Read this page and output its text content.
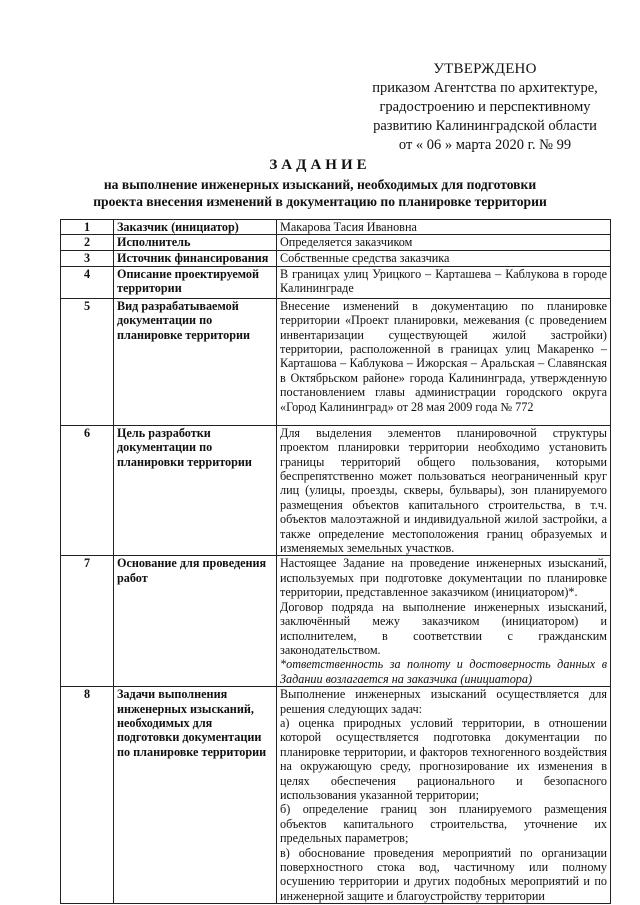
УТВЕРЖДЕНО
приказом Агентства по архитектуре,
градостроению и перспективному
развитию Калининградской области
от « 06 » марта 2020 г. № 99
ЗАДАНИЕ
на выполнение инженерных изысканий, необходимых для подготовки
проекта внесения изменений в документацию по планировке территории
1	Заказчик (инициатор)	Макарова Тасия Ивановна

2	Исполнитель	Определяется заказчиком

3	Источник финансирования	Собственные средства заказчика

4	Описание проектируемой территории	В границах улиц Урицкого – Карташева – Каблукова в городе Калининграде

5	Вид разрабатываемой документации по планировке территории	Внесение изменений в документацию по планировке территории «Проект планировки, межевания (с проведением инвентаризации существующей жилой застройки) территории, расположенной в границах улиц Макаренко – Карташова – Каблукова – Ижорская – Аральская – Славянская в Октябрьском районе» города Калининграда, утвержденную постановлением главы администрации городского округа «Город Калининград» от 28 мая 2009 года № 772

6	Цель разработки документации по планировки территории	Для выделения элементов планировочной структуры проектом планировки территории необходимо установить границы территорий общего пользования, которыми беспрепятственно может пользоваться неограниченный круг лиц (улицы, проезды, скверы, бульвары), зон планируемого размещения объектов капитального строительства, в т.ч. объектов малоэтажной и индивидуальной жилой застройки, а также определение местоположения границ образуемых и изменяемых земельных участков.

7	Основание для проведения работ	Настоящее Задание на проведение инженерных изысканий, используемых при подготовке документации по планировке территории, представленное заказчиком (инициатором)*.

Договор подряда на выполнение инженерных изысканий, заключённый межу заказчиком (инициатором) и исполнителем, в соответствии с гражданским законодательством.

*ответственность за полноту и достоверность данных в Задании возлагается на заказчика (инициатора)

8	Задачи выполнения инженерных изысканий, необходимых для подготовки документации по планировке территории	Выполнение инженерных изысканий осуществляется для решения следующих задач:

а) оценка природных условий территории, в отношении которой осуществляется подготовка документации по планировке территории, и факторов техногенного воздействия на окружающую среду, прогнозирование их изменения в целях обеспечения рационального и безопасного использования указанной территории;

б) определение границ зон планируемого размещения объектов капитального строительства, уточнение их предельных параметров;

в) обоснование проведения мероприятий по организации поверхностного стока вод, частичному или полному осушению территории и других подобных мероприятий и по инженерной защите и благоустройству территории
